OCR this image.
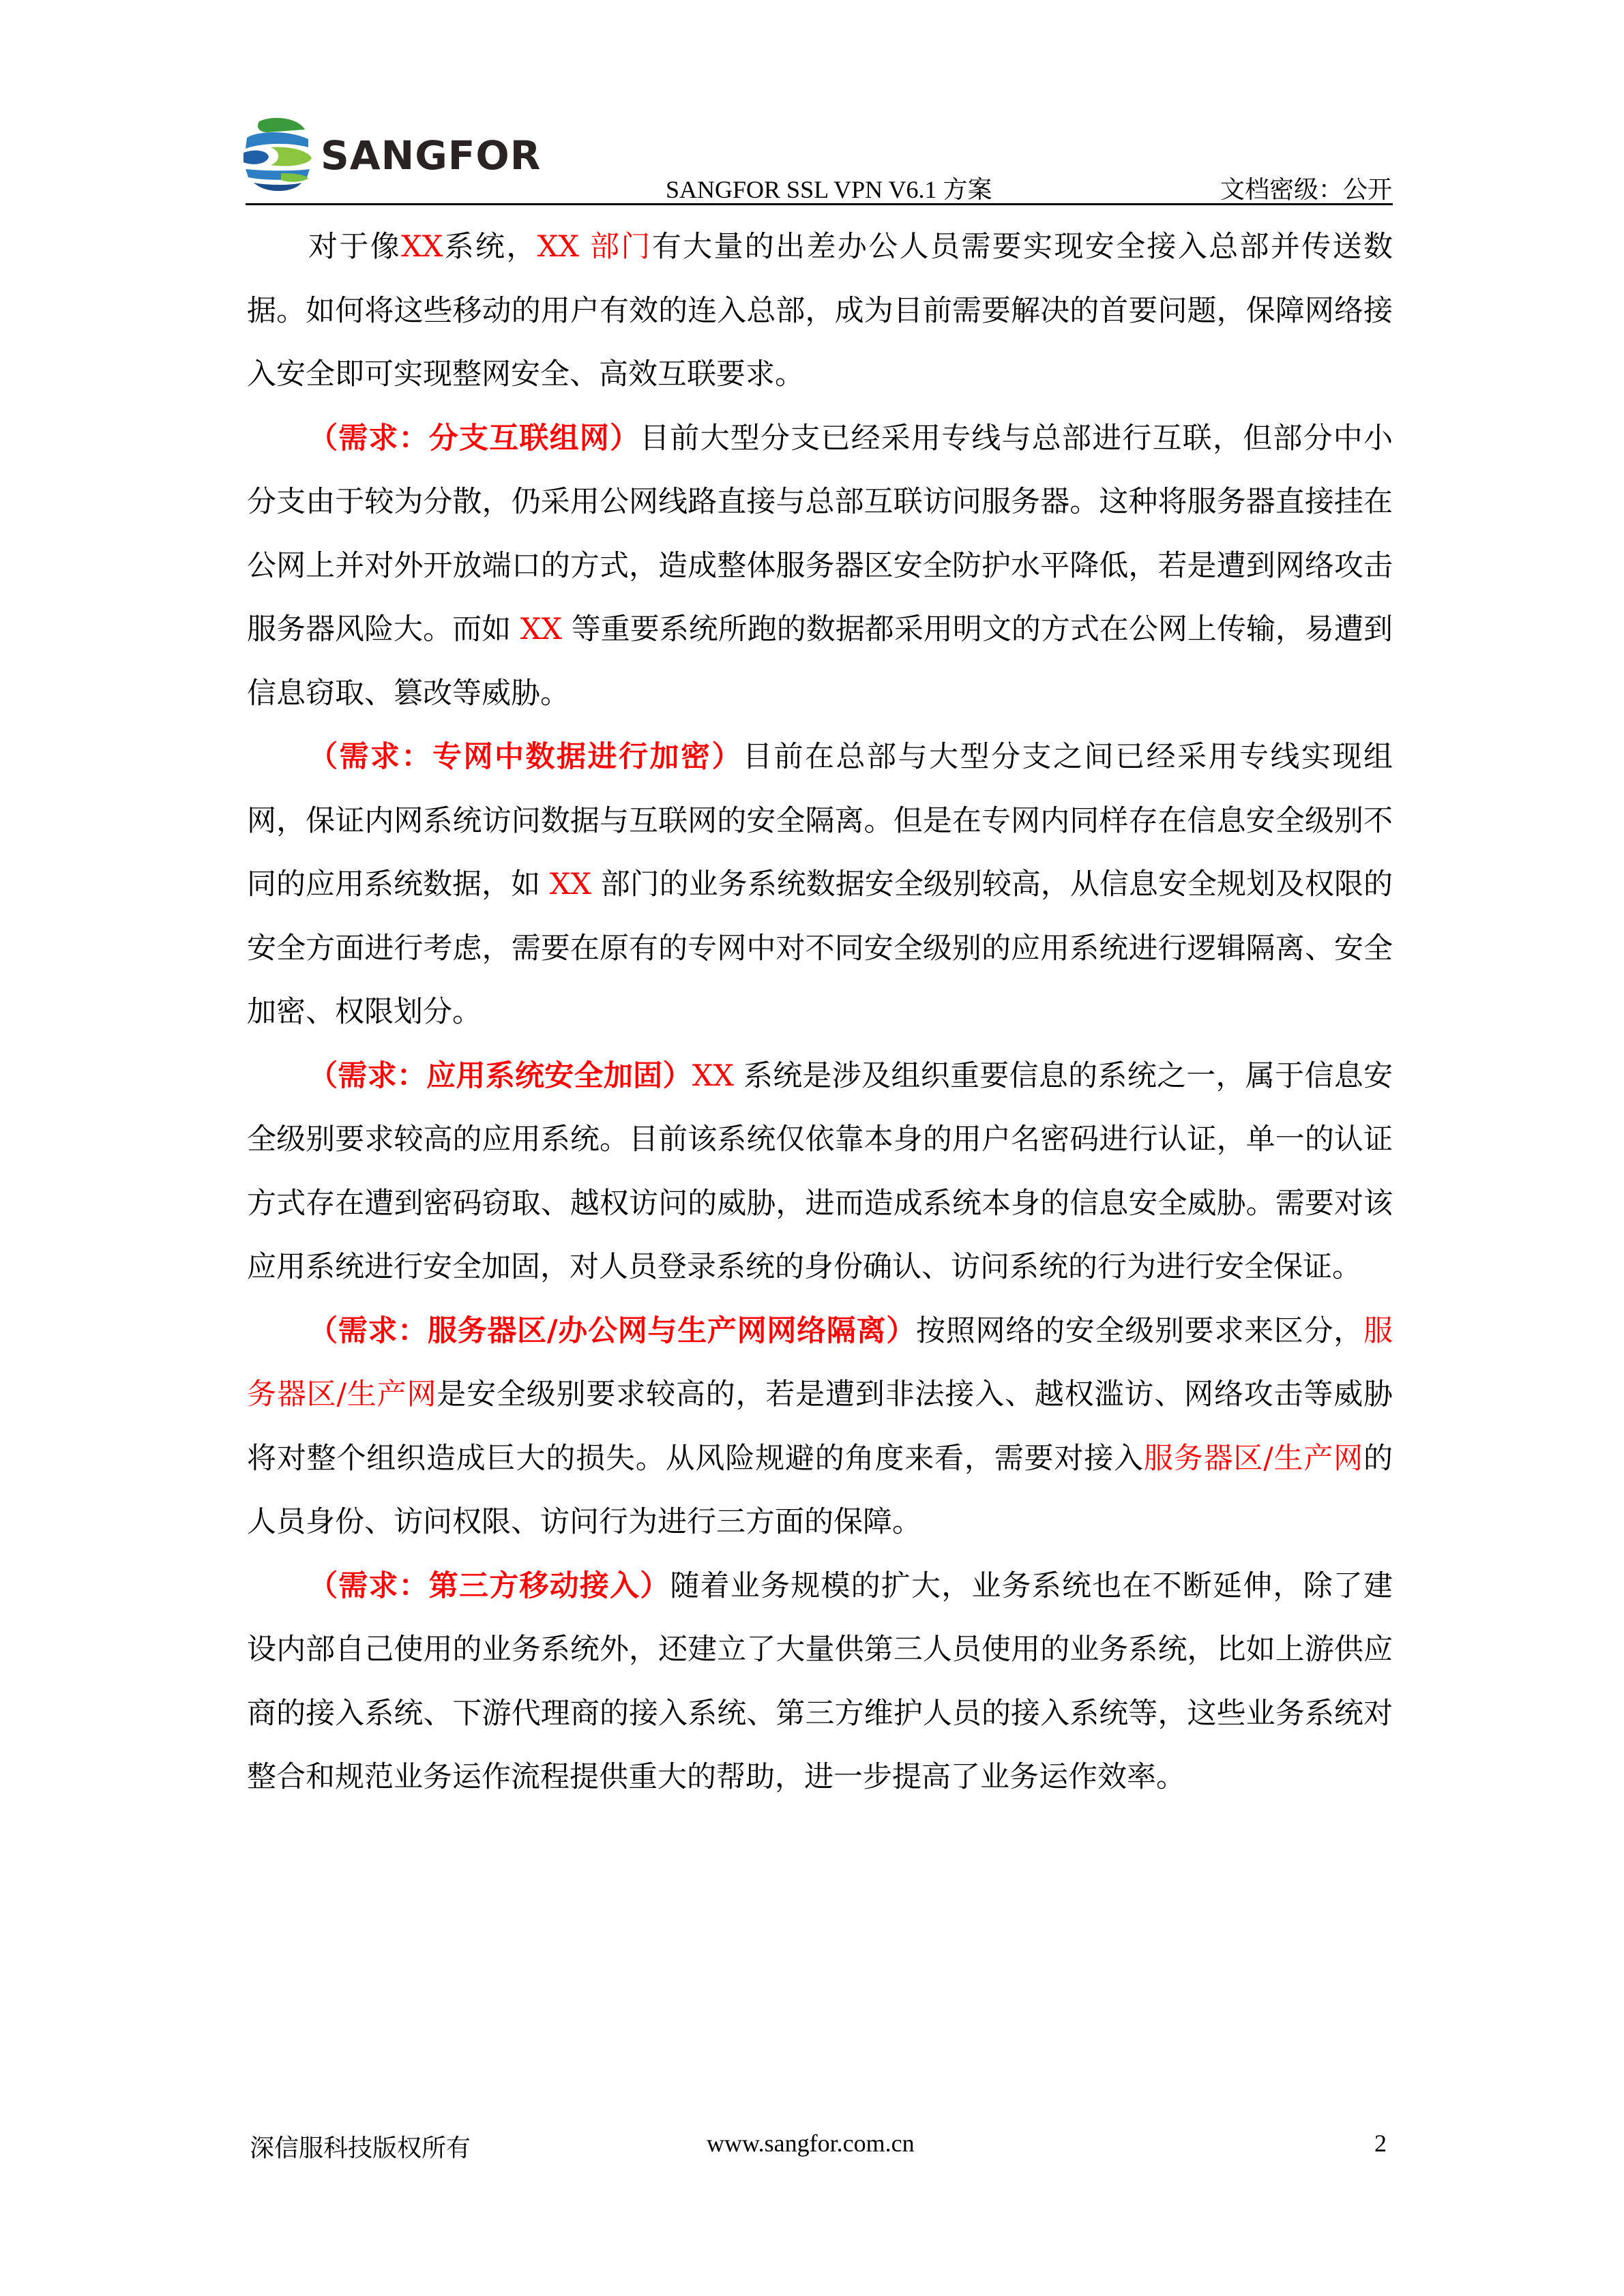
SANGFOR
SANGFOR SSL VPN V6.1 方案	文档密级：公开

对于像XX系统，XX 部门有大量的出差办公人员需要实现安全接入总部并传送数据。如何将这些移动的用户有效的连入总部，成为目前需要解决的首要问题，保障网络接入安全即可实现整网安全、高效互联要求。

（需求：分支互联组网）目前大型分支已经采用专线与总部进行互联，但部分中小分支由于较为分散，仍采用公网线路直接与总部互联访问服务器。这种将服务器直接挂在公网上并对外开放端口的方式，造成整体服务器区安全防护水平降低，若是遭到网络攻击服务器风险大。而如 XX 等重要系统所跑的数据都采用明文的方式在公网上传输，易遭到信息窃取、篡改等威胁。

（需求：专网中数据进行加密）目前在总部与大型分支之间已经采用专线实现组网，保证内网系统访问数据与互联网的安全隔离。但是在专网内同样存在信息安全级别不同的应用系统数据，如 XX 部门的业务系统数据安全级别较高，从信息安全规划及权限的安全方面进行考虑，需要在原有的专网中对不同安全级别的应用系统进行逻辑隔离、安全加密、权限划分。

（需求：应用系统安全加固）XX 系统是涉及组织重要信息的系统之一，属于信息安全级别要求较高的应用系统。目前该系统仅依靠本身的用户名密码进行认证，单一的认证方式存在遭到密码窃取、越权访问的威胁，进而造成系统本身的信息安全威胁。需要对该应用系统进行安全加固，对人员登录系统的身份确认、访问系统的行为进行安全保证。

（需求：服务器区/办公网与生产网网络隔离）按照网络的安全级别要求来区分，服务器区/生产网是安全级别要求较高的，若是遭到非法接入、越权滥访、网络攻击等威胁将对整个组织造成巨大的损失。从风险规避的角度来看，需要对接入服务器区/生产网的人员身份、访问权限、访问行为进行三方面的保障。

（需求：第三方移动接入）随着业务规模的扩大，业务系统也在不断延伸，除了建设内部自己使用的业务系统外，还建立了大量供第三人员使用的业务系统，比如上游供应商的接入系统、下游代理商的接入系统、第三方维护人员的接入系统等，这些业务系统对整合和规范业务运作流程提供重大的帮助，进一步提高了业务运作效率。

深信服科技版权所有	www.sangfor.com.cn	2
